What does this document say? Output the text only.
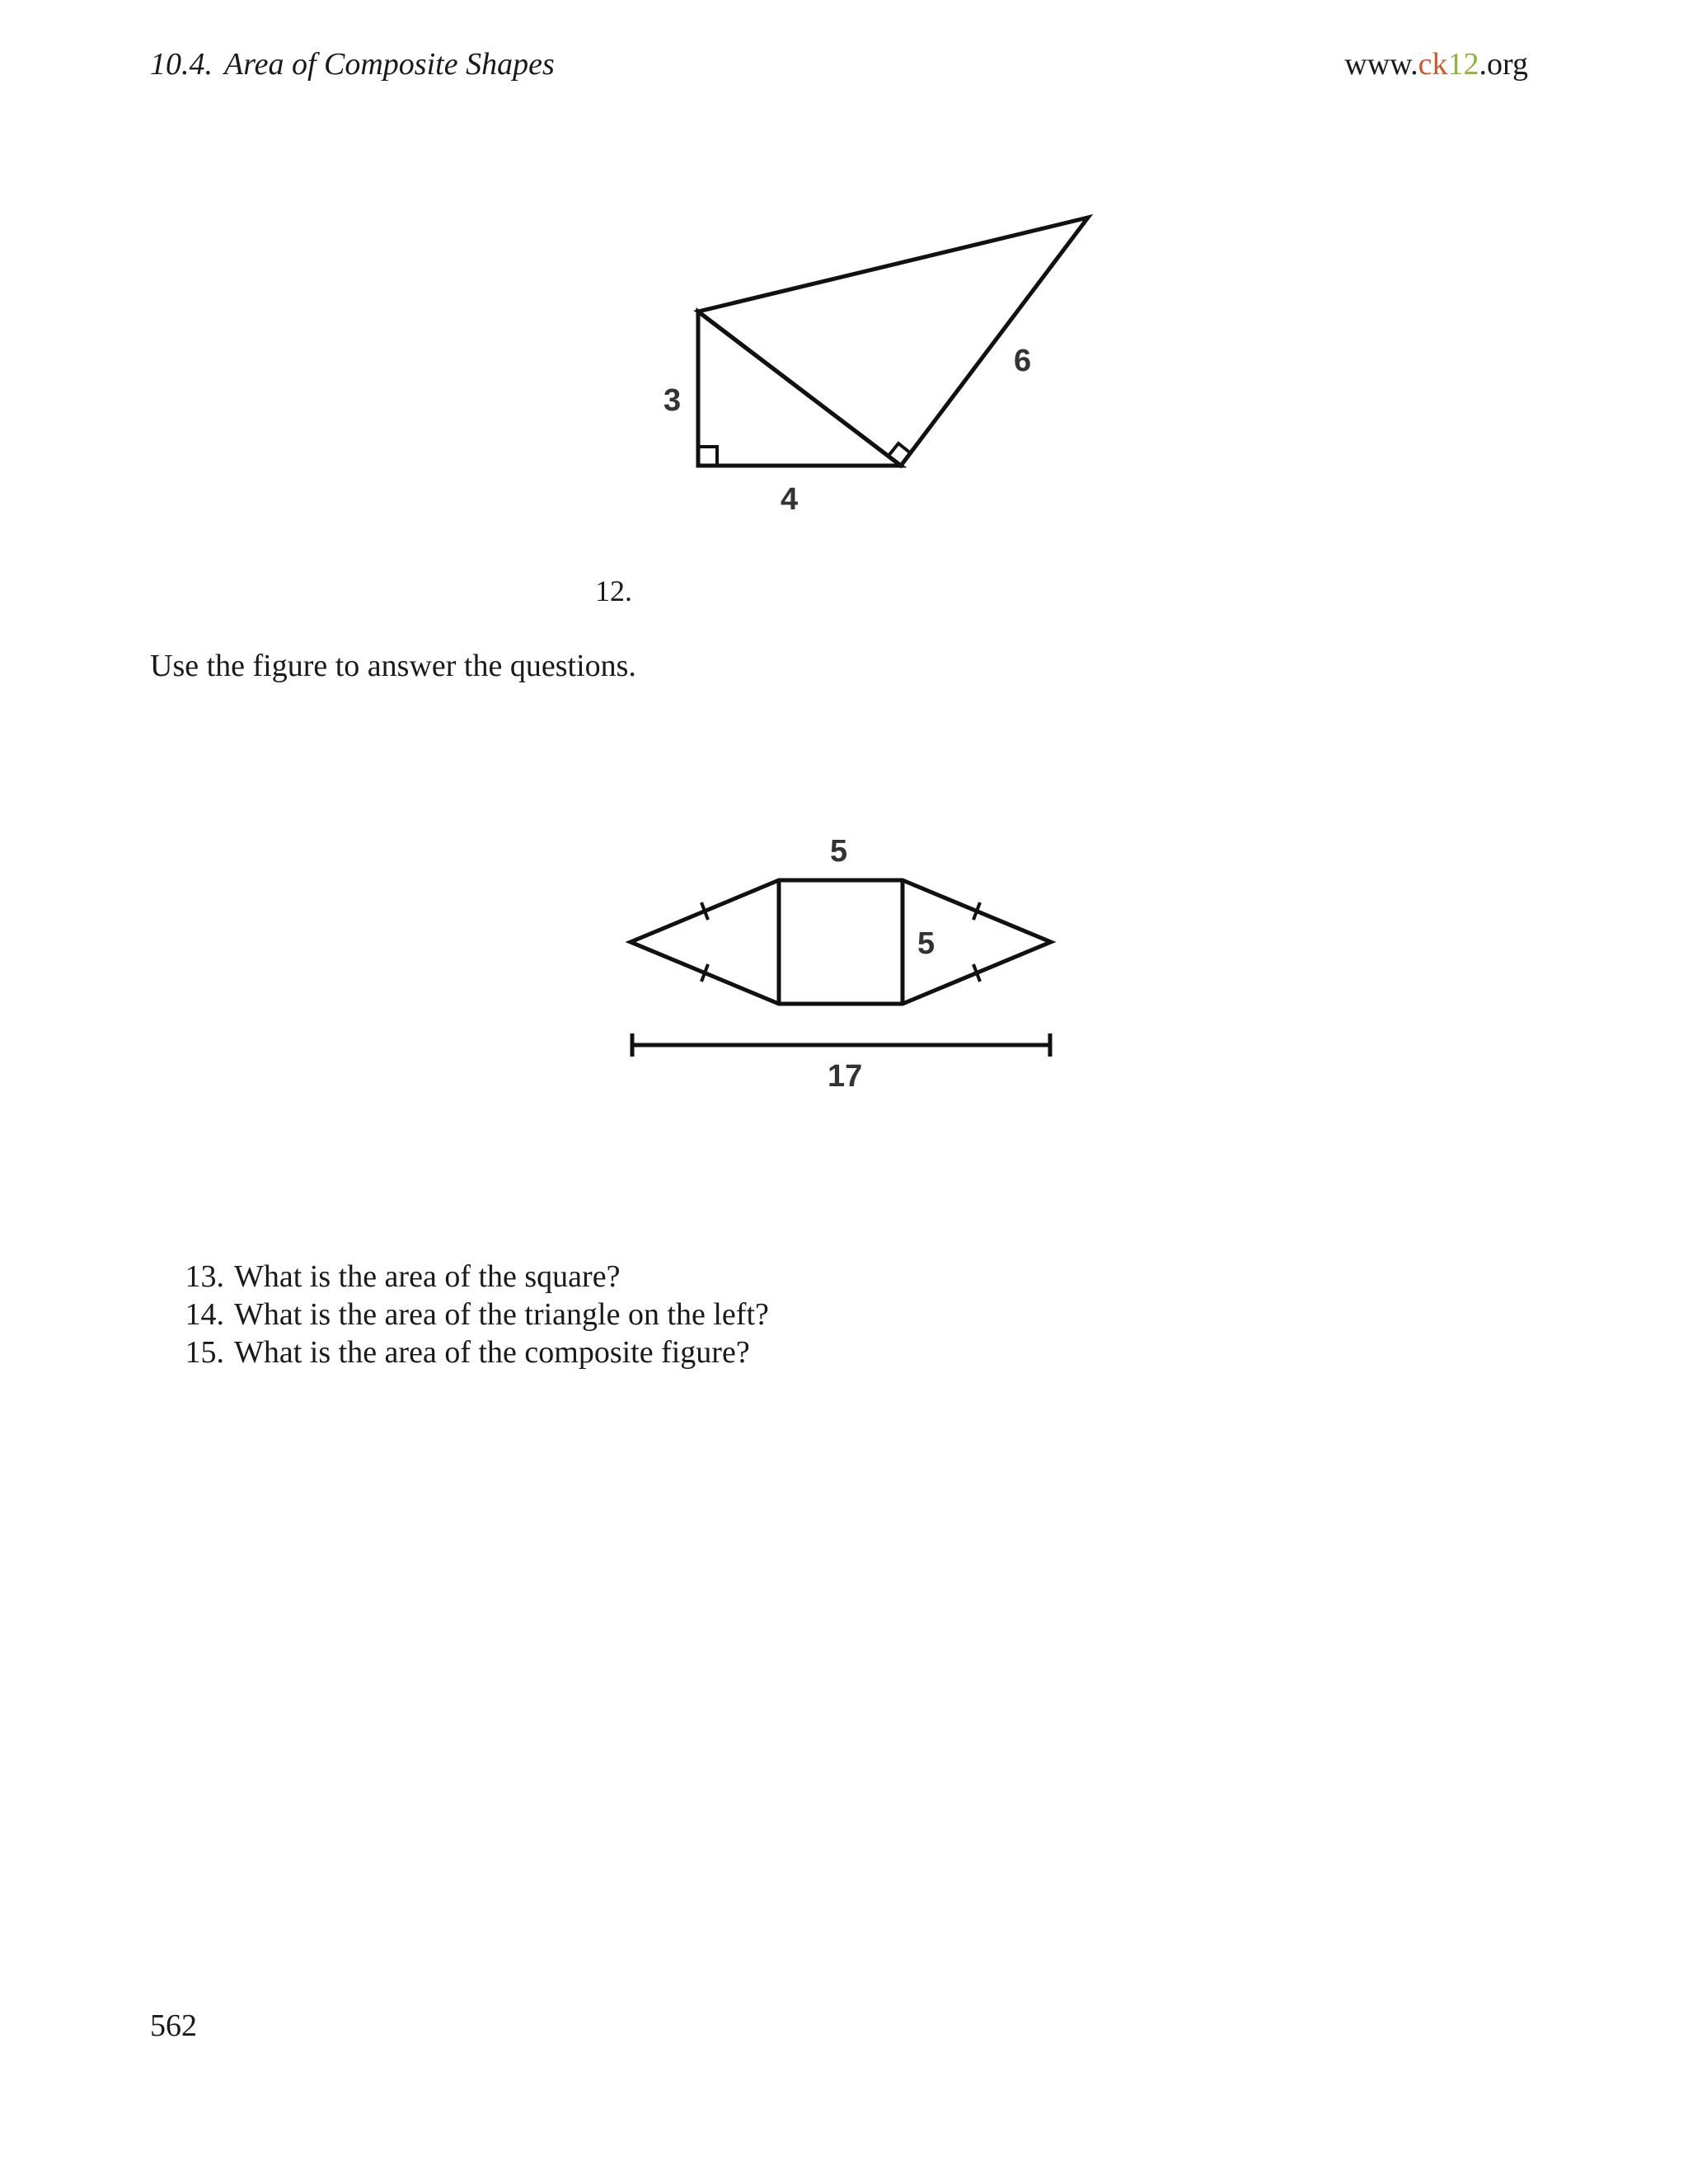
10.4. Area of Composite Shapes	www.ck12.org
3
4
6
12.
Use the figure to answer the questions.
5
5
17
13. What is the area of the square?
14. What is the area of the triangle on the left?
15. What is the area of the composite figure?
562
